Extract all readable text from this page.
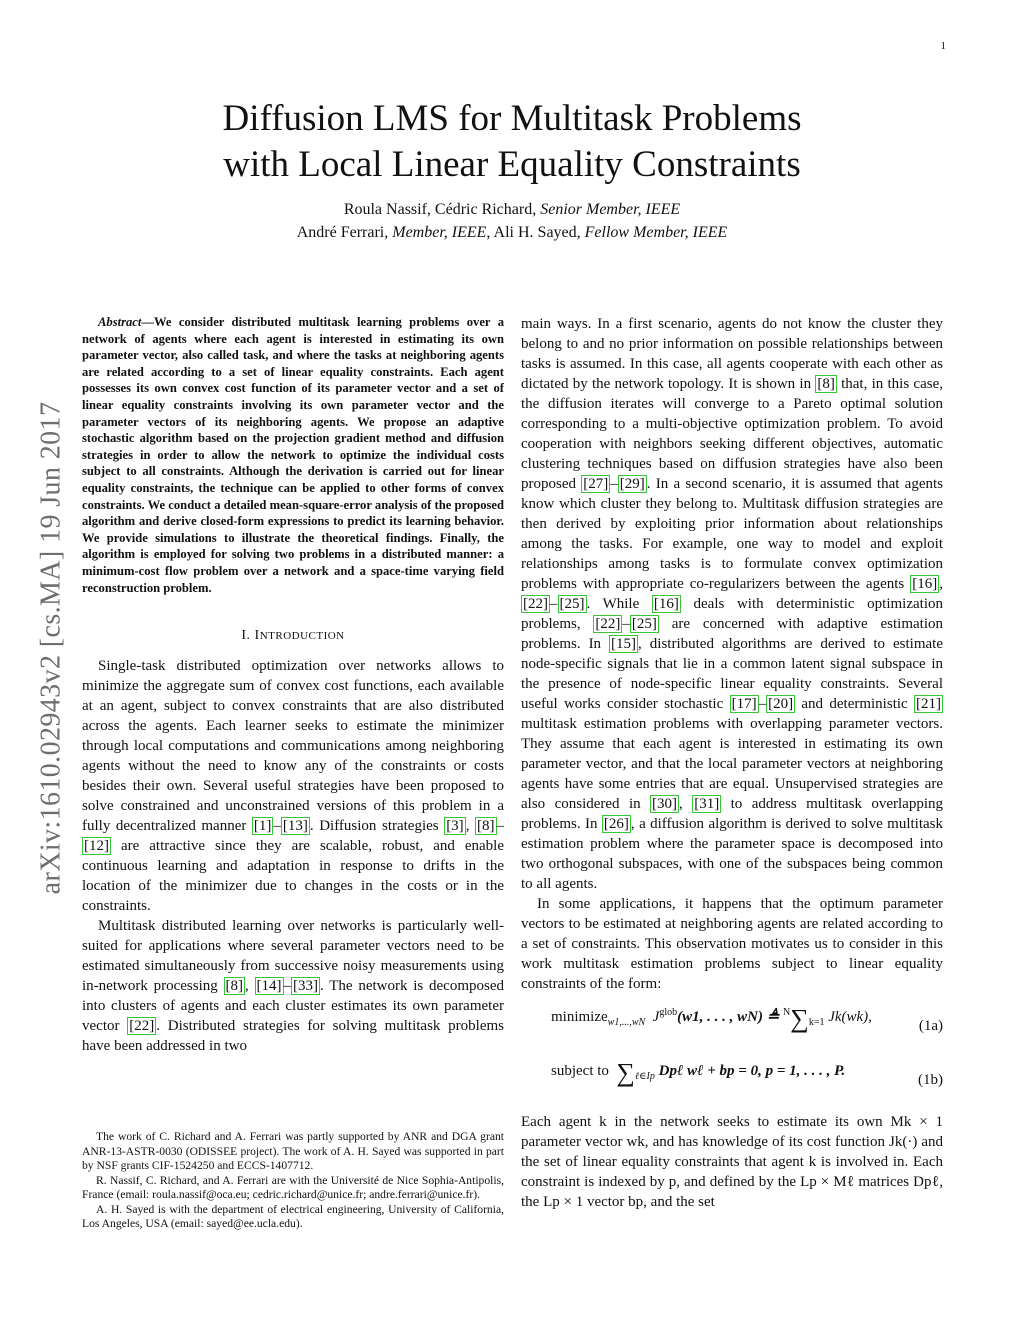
1
arXiv:1610.02943v2 [cs.MA] 19 Jun 2017
Diffusion LMS for Multitask Problems
with Local Linear Equality Constraints
Roula Nassif, Cédric Richard, Senior Member, IEEE
André Ferrari, Member, IEEE, Ali H. Sayed, Fellow Member, IEEE

Abstract—We consider distributed multitask learning problems over a network of agents where each agent is interested in estimating its own parameter vector, also called task, and where the tasks at neighboring agents are related according to a set of linear equality constraints. Each agent possesses its own convex cost function of its parameter vector and a set of linear equality constraints involving its own parameter vector and the parameter vectors of its neighboring agents. We propose an adaptive stochastic algorithm based on the projection gradient method and diffusion strategies in order to allow the network to optimize the individual costs subject to all constraints. Although the derivation is carried out for linear equality constraints, the technique can be applied to other forms of convex constraints. We conduct a detailed mean-square-error analysis of the proposed algorithm and derive closed-form expressions to predict its learning behavior. We provide simulations to illustrate the theoretical findings. Finally, the algorithm is employed for solving two problems in a distributed manner: a minimum-cost flow problem over a network and a space-time varying field reconstruction problem.

I. INTRODUCTION

Single-task distributed optimization over networks allows to minimize the aggregate sum of convex cost functions, each available at an agent, subject to convex constraints that are also distributed across the agents. Each learner seeks to estimate the minimizer through local computations and communications among neighboring agents without the need to know any of the constraints or costs besides their own. Several useful strategies have been proposed to solve constrained and unconstrained versions of this problem in a fully decentralized manner [1] – [13] . Diffusion strategies [3] , [8] –[12] are attractive since they are scalable, robust, and enable continuous learning and adaptation in response to drifts in the location of the minimizer due to changes in the costs or in the constraints.

Multitask distributed learning over networks is particularly well-suited for applications where several parameter vectors need to be estimated simultaneously from successive noisy measurements using in-network processing [8] , [14] – [33] . The network is decomposed into clusters of agents and each cluster estimates its own parameter vector [22] . Distributed strategies for solving multitask problems have been addressed in two

The work of C. Richard and A. Ferrari was partly supported by ANR and DGA grant ANR-13-ASTR-0030 (ODISSEE project). The work of A. H. Sayed was supported in part by NSF grants CIF-1524250 and ECCS-1407712.

R. Nassif, C. Richard, and A. Ferrari are with the Université de Nice Sophia-Antipolis, France (email: roula.nassif@oca.eu; cedric.richard@unice.fr; andre.ferrari@unice.fr).

A. H. Sayed is with the department of electrical engineering, University of California, Los Angeles, USA (email: sayed@ee.ucla.edu).

main ways. In a first scenario, agents do not know the cluster they belong to and no prior information on possible relationships between tasks is assumed. In this case, all agents cooperate with each other as dictated by the network topology. It is shown in [8] that, in this case, the diffusion iterates will converge to a Pareto optimal solution corresponding to a multi-objective optimization problem. To avoid cooperation with neighbors seeking different objectives, automatic clustering techniques based on diffusion strategies have also been proposed [27] – [29] . In a second scenario, it is assumed that agents know which cluster they belong to. Multitask diffusion strategies are then derived by exploiting prior information about relationships among the tasks. For example, one way to model and exploit relationships among tasks is to formulate convex optimization problems with appropriate co-regularizers between the agents [16] , [22] – [25] . While [16] deals with deterministic optimization problems, [22] – [25] are concerned with adaptive estimation problems. In [15] , distributed algorithms are derived to estimate node-specific signals that lie in a common latent signal subspace in the presence of node-specific linear equality constraints. Several useful works consider stochastic [17] – [20] and deterministic [21] multitask estimation problems with overlapping parameter vectors. They assume that each agent is interested in estimating its own parameter vector, and that the local parameter vectors at neighboring agents have some entries that are equal. Unsupervised strategies are also considered in [30] , [31] to address multitask overlapping problems. In [26] , a diffusion algorithm is derived to solve multitask estimation problem where the parameter space is decomposed into two orthogonal subspaces, with one of the subspaces being common to all agents.

In some applications, it happens that the optimum parameter vectors to be estimated at neighboring agents are related according to a set of constraints. This observation motivates us to consider in this work multitask estimation problems subject to linear equality constraints of the form:

minimize$_{w1,...,wN}$ $J^{glob}(w1$, . . . , wN) ≜ $^N\sum_{k=1}$ Jk(wk),
(1a)
subject to $\sum_{\ell\in Ip}$ Dpℓ wℓ + bp = 0, p = 1, . . . , P.
(1b)

Each agent k in the network seeks to estimate its own Mk × 1 parameter vector wk, and has knowledge of its cost function Jk(·) and the set of linear equality constraints that agent k is involved in. Each constraint is indexed by p, and defined by the Lp × Mℓ matrices Dpℓ, the Lp × 1 vector bp, and the set
